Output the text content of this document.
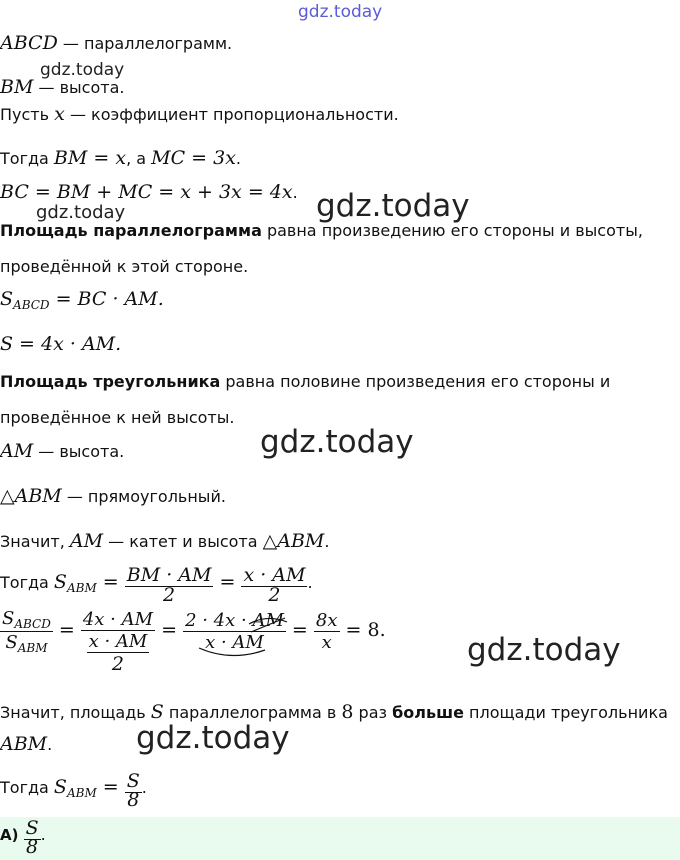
gdz.today
gdz.today
gdz.today	gdz.today
gdz.today
gdz.today
gdz.today
ABCD — параллелограмм.
BM — высота.
Пусть x — коэффициент пропорциональности.
Тогда BM = x, а MC = 3x.
BC = BM + MC = x + 3x = 4x.
Площадь параллелограмма равна произведению его стороны и высоты,
проведённой к этой стороне.
$S_{ABCD}$ = BC · AM.
S = 4x · AM.
Площадь треугольника равна половине произведения его стороны и
проведённое к ней высоты.
AM — высота.
△ABM — прямоугольный.
Значит, AM — катет и высота △ABM.
Тогда $S_{ABM} = \frac{BM \cdot AM}{2} = \frac{x \cdot AM}{2}$ .
$\frac{S_{ABCD}}{S_{ABM}} = \frac{4x \cdot AM}{\frac{x \cdot AM}{2}} = \frac{2 \cdot 4x \cdot AM}{x \cdot AM} = \frac{8x}{x} = 8$.
Значит, площадь S параллелограмма в 8 раз больше площади треугольника
ABM.
Тогда $S_{ABM} = \frac{S}{8}$ .
$А) \frac{S}{8}$ .
